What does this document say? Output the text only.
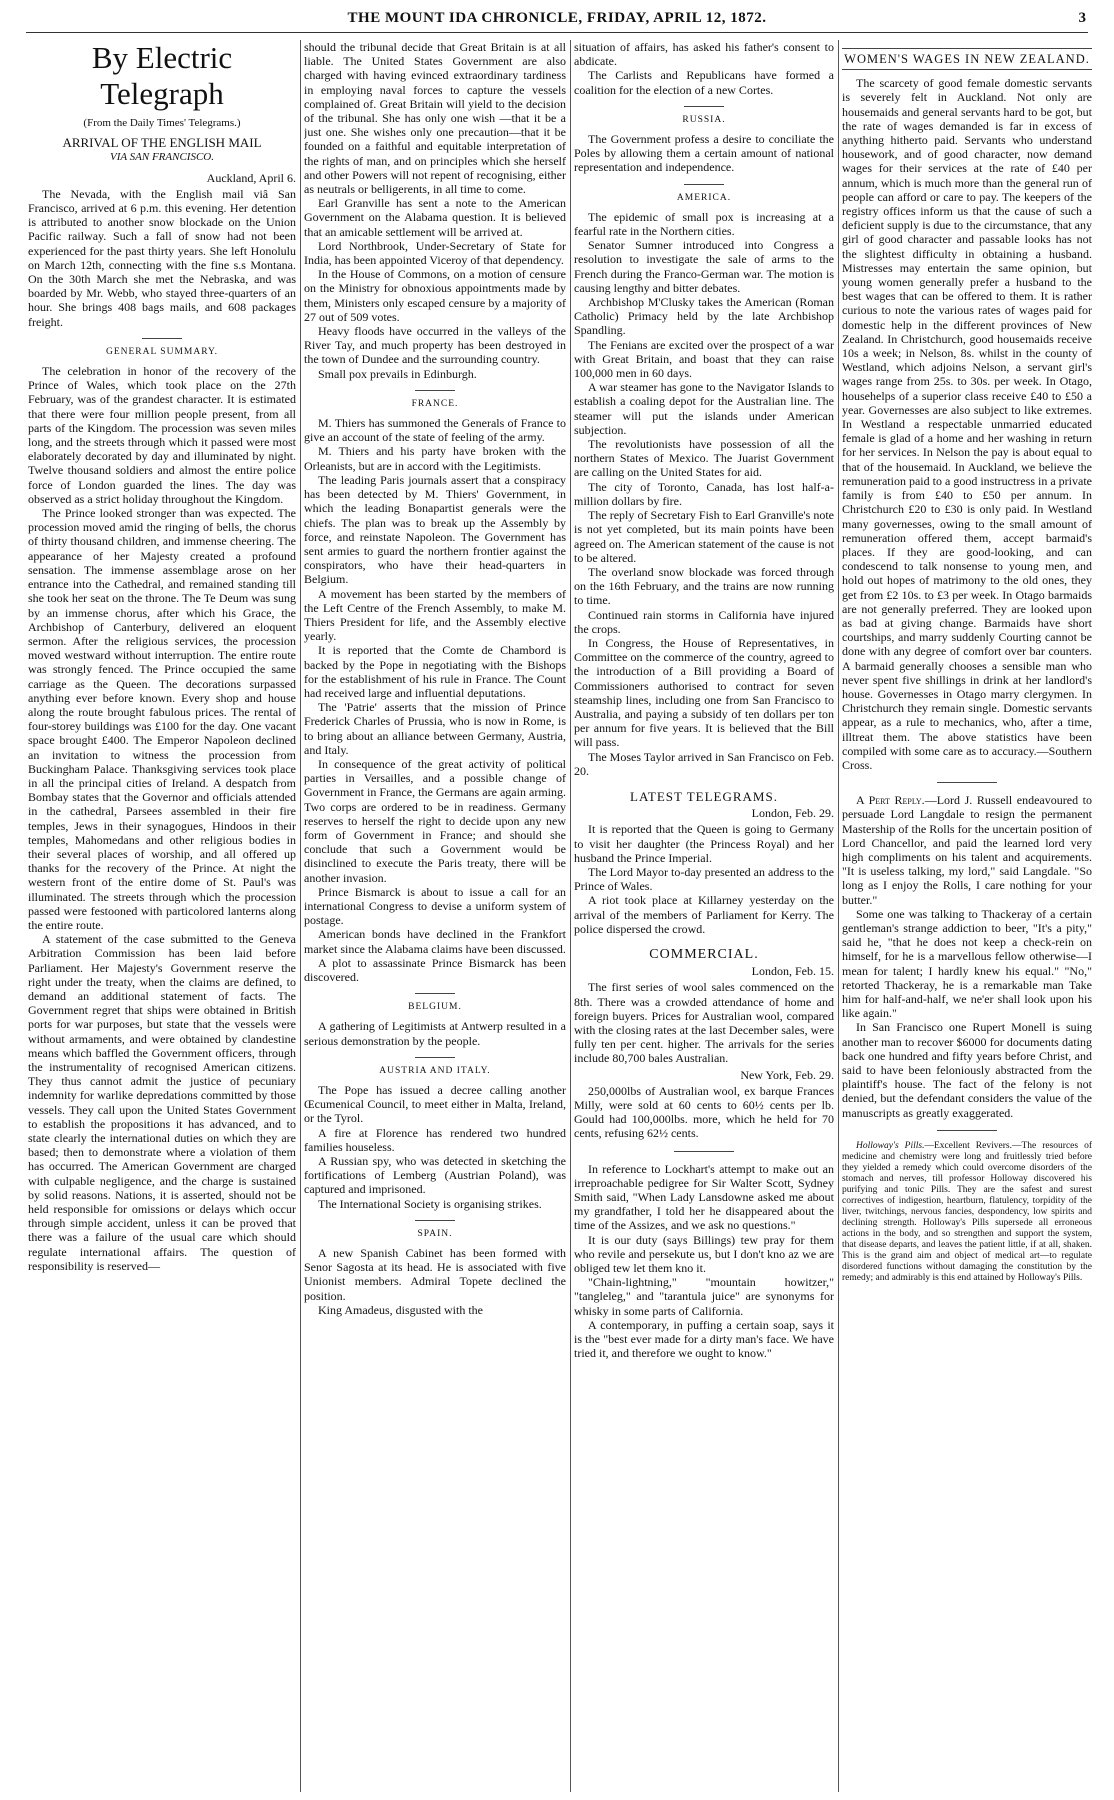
THE MOUNT IDA CHRONICLE, FRIDAY, APRIL 12, 1872.	3
By Electric Telegraph
(From the Daily Times' Telegrams.)
ARRIVAL OF THE ENGLISH MAIL
VIA SAN FRANCISCO.
Auckland, April 6.

The Nevada, with the English mail viâ San Francisco, arrived at 6 p.m. this evening. Her detention is attributed to another snow blockade on the Union Pacific railway. Such a fall of snow had not been experienced for the past thirty years. She left Honolulu on March 12th, connecting with the fine s.s Montana. On the 30th March she met the Nebraska, and was boarded by Mr. Webb, who stayed three-quarters of an hour. She brings 408 bags mails, and 608 packages freight.

GENERAL SUMMARY.

The celebration in honor of the recovery of the Prince of Wales, which took place on the 27th February, was of the grandest character. It is estimated that there were four million people present, from all parts of the Kingdom. The procession was seven miles long, and the streets through which it passed were most elaborately decorated by day and illuminated by night. Twelve thousand soldiers and almost the entire police force of London guarded the lines. The day was observed as a strict holiday throughout the Kingdom.

The Prince looked stronger than was expected. The procession moved amid the ringing of bells, the chorus of thirty thousand children, and immense cheering. The appearance of her Majesty created a profound sensation. The immense assemblage arose on her entrance into the Cathedral, and remained standing till she took her seat on the throne. The Te Deum was sung by an immense chorus, after which his Grace, the Archbishop of Canterbury, delivered an eloquent sermon. After the religious services, the procession moved westward without interruption. The entire route was strongly fenced. The Prince occupied the same carriage as the Queen. The decorations surpassed anything ever before known. Every shop and house along the route brought fabulous prices. The rental of four-storey buildings was £100 for the day. One vacant space brought £400. The Emperor Napoleon declined an invitation to witness the procession from Buckingham Palace. Thanksgiving services took place in all the principal cities of Ireland. A despatch from Bombay states that the Governor and officials attended in the cathedral, Parsees assembled in their fire temples, Jews in their synagogues, Hindoos in their temples, Mahomedans and other religious bodies in their several places of worship, and all offered up thanks for the recovery of the Prince. At night the western front of the entire dome of St. Paul's was illuminated. The streets through which the procession passed were festooned with particolored lanterns along the entire route.

A statement of the case submitted to the Geneva Arbitration Commission has been laid before Parliament. Her Majesty's Government reserve the right under the treaty, when the claims are defined, to demand an additional statement of facts. The Government regret that ships were obtained in British ports for war purposes, but state that the vessels were without armaments, and were obtained by clandestine means which baffled the Government officers, through the instrumentality of recognised American citizens. They thus cannot admit the justice of pecuniary indemnity for warlike depredations committed by those vessels. They call upon the United States Government to establish the propositions it has advanced, and to state clearly the international duties on which they are based; then to demonstrate where a violation of them has occurred. The American Government are charged with culpable negligence, and the charge is sustained by solid reasons. Nations, it is asserted, should not be held responsible for omissions or delays which occur through simple accident, unless it can be proved that there was a failure of the usual care which should regulate international affairs. The question of responsibility is reserved—

should the tribunal decide that Great Britain is at all liable. The United States Government are also charged with having evinced extraordinary tardiness in employing naval forces to capture the vessels complained of. Great Britain will yield to the decision of the tribunal. She has only one wish —that it be a just one. She wishes only one precaution—that it be founded on a faithful and equitable interpretation of the rights of man, and on principles which she herself and other Powers will not repent of recognising, either as neutrals or belligerents, in all time to come.

Earl Granville has sent a note to the American Government on the Alabama question. It is believed that an amicable settlement will be arrived at.

Lord Northbrook, Under-Secretary of State for India, has been appointed Viceroy of that dependency.

In the House of Commons, on a motion of censure on the Ministry for obnoxious appointments made by them, Ministers only escaped censure by a majority of 27 out of 509 votes.

Heavy floods have occurred in the valleys of the River Tay, and much property has been destroyed in the town of Dundee and the surrounding country.

Small pox prevails in Edinburgh.

FRANCE.

M. Thiers has summoned the Generals of France to give an account of the state of feeling of the army.

M. Thiers and his party have broken with the Orleanists, but are in accord with the Legitimists.

The leading Paris journals assert that a conspiracy has been detected by M. Thiers' Government, in which the leading Bonapartist generals were the chiefs. The plan was to break up the Assembly by force, and reinstate Napoleon. The Government has sent armies to guard the northern frontier against the conspirators, who have their head-quarters in Belgium.

A movement has been started by the members of the Left Centre of the French Assembly, to make M. Thiers President for life, and the Assembly elective yearly.

It is reported that the Comte de Chambord is backed by the Pope in negotiating with the Bishops for the establishment of his rule in France. The Count had received large and influential deputations.

The 'Patrie' asserts that the mission of Prince Frederick Charles of Prussia, who is now in Rome, is to bring about an alliance between Germany, Austria, and Italy.

In consequence of the great activity of political parties in Versailles, and a possible change of Government in France, the Germans are again arming. Two corps are ordered to be in readiness. Germany reserves to herself the right to decide upon any new form of Government in France; and should she conclude that such a Government would be disinclined to execute the Paris treaty, there will be another invasion.

Prince Bismarck is about to issue a call for an international Congress to devise a uniform system of postage.

American bonds have declined in the Frankfort market since the Alabama claims have been discussed.

A plot to assassinate Prince Bismarck has been discovered.

BELGIUM.

A gathering of Legitimists at Antwerp resulted in a serious demonstration by the people.

AUSTRIA AND ITALY.

The Pope has issued a decree calling another Œcumenical Council, to meet either in Malta, Ireland, or the Tyrol.

A fire at Florence has rendered two hundred families houseless.

A Russian spy, who was detected in sketching the fortifications of Lemberg (Austrian Poland), was captured and imprisoned.

The International Society is organising strikes.

SPAIN.

A new Spanish Cabinet has been formed with Senor Sagosta at its head. He is associated with five Unionist members. Admiral Topete declined the position.

King Amadeus, disgusted with the

situation of affairs, has asked his father's consent to abdicate.

The Carlists and Republicans have formed a coalition for the election of a new Cortes.

RUSSIA.

The Government profess a desire to conciliate the Poles by allowing them a certain amount of national representation and independence.

AMERICA.

The epidemic of small pox is increasing at a fearful rate in the Northern cities.

Senator Sumner introduced into Congress a resolution to investigate the sale of arms to the French during the Franco-German war. The motion is causing lengthy and bitter debates.

Archbishop M'Clusky takes the American (Roman Catholic) Primacy held by the late Archbishop Spandling.

The Fenians are excited over the prospect of a war with Great Britain, and boast that they can raise 100,000 men in 60 days.

A war steamer has gone to the Navigator Islands to establish a coaling depot for the Australian line. The steamer will put the islands under American subjection.

The revolutionists have possession of all the northern States of Mexico. The Juarist Government are calling on the United States for aid.

The city of Toronto, Canada, has lost half-a-million dollars by fire.

The reply of Secretary Fish to Earl Granville's note is not yet completed, but its main points have been agreed on. The American statement of the cause is not to be altered.

The overland snow blockade was forced through on the 16th February, and the trains are now running to time.

Continued rain storms in California have injured the crops.

In Congress, the House of Representatives, in Committee on the commerce of the country, agreed to the introduction of a Bill providing a Board of Commissioners authorised to contract for seven steamship lines, including one from San Francisco to Australia, and paying a subsidy of ten dollars per ton per annum for five years. It is believed that the Bill will pass.

The Moses Taylor arrived in San Francisco on Feb. 20.

LATEST TELEGRAMS.
London, Feb. 29.

It is reported that the Queen is going to Germany to visit her daughter (the Princess Royal) and her husband the Prince Imperial.

The Lord Mayor to-day presented an address to the Prince of Wales.

A riot took place at Killarney yesterday on the arrival of the members of Parliament for Kerry. The police dispersed the crowd.

COMMERCIAL.
London, Feb. 15.

The first series of wool sales commenced on the 8th. There was a crowded attendance of home and foreign buyers. Prices for Australian wool, compared with the closing rates at the last December sales, were fully ten per cent. higher. The arrivals for the series include 80,700 bales Australian.

New York, Feb. 29.

250,000lbs of Australian wool, ex barque Frances Milly, were sold at 60 cents to 60½ cents per lb. Gould had 100,000lbs. more, which he held for 70 cents, refusing 62½ cents.

In reference to Lockhart's attempt to make out an irreproachable pedigree for Sir Walter Scott, Sydney Smith said, "When Lady Lansdowne asked me about my grandfather, I told her he disappeared about the time of the Assizes, and we ask no questions."

It is our duty (says Billings) tew pray for them who revile and persekute us, but I don't kno az we are obliged tew let them kno it.

"Chain-lightning," "mountain howitzer," "tangleleg," and "tarantula juice" are synonyms for whisky in some parts of California.

A contemporary, in puffing a certain soap, says it is the "best ever made for a dirty man's face. We have tried it, and therefore we ought to know."

WOMEN'S WAGES IN NEW ZEALAND.

The scarcety of good female domestic servants is severely felt in Auckland. Not only are housemaids and general servants hard to be got, but the rate of wages demanded is far in excess of anything hitherto paid. Servants who understand housework, and of good character, now demand wages for their services at the rate of £40 per annum, which is much more than the general run of people can afford or care to pay. The keepers of the registry offices inform us that the cause of such a deficient supply is due to the circumstance, that any girl of good character and passable looks has not the slightest difficulty in obtaining a husband. Mistresses may entertain the same opinion, but young women generally prefer a husband to the best wages that can be offered to them. It is rather curious to note the various rates of wages paid for domestic help in the different provinces of New Zealand. In Christchurch, good housemaids receive 10s a week; in Nelson, 8s. whilst in the county of Westland, which adjoins Nelson, a servant girl's wages range from 25s. to 30s. per week. In Otago, househelps of a superior class receive £40 to £50 a year. Governesses are also subject to like extremes. In Westland a respectable unmarried educated female is glad of a home and her washing in return for her services. In Nelson the pay is about equal to that of the housemaid. In Auckland, we believe the remuneration paid to a good instructress in a private family is from £40 to £50 per annum. In Christchurch £20 to £30 is only paid. In Westland many governesses, owing to the small amount of remuneration offered them, accept barmaid's places. If they are good-looking, and can condescend to talk nonsense to young men, and hold out hopes of matrimony to the old ones, they get from £2 10s. to £3 per week. In Otago barmaids are not generally preferred. They are looked upon as bad at giving change. Barmaids have short courtships, and marry suddenly Courting cannot be done with any degree of comfort over bar counters. A barmaid generally chooses a sensible man who never spent five shillings in drink at her landlord's house. Governesses in Otago marry clergymen. In Christchurch they remain single. Domestic servants appear, as a rule to mechanics, who, after a time, illtreat them. The above statistics have been compiled with some care as to accuracy.—Southern Cross.

A Pert Reply.—Lord J. Russell endeavoured to persuade Lord Langdale to resign the permanent Mastership of the Rolls for the uncertain position of Lord Chancellor, and paid the learned lord very high compliments on his talent and acquirements. "It is useless talking, my lord," said Langdale. "So long as I enjoy the Rolls, I care nothing for your butter."

Some one was talking to Thackeray of a certain gentleman's strange addiction to beer, "It's a pity," said he, "that he does not keep a check-rein on himself, for he is a marvellous fellow otherwise—I mean for talent; I hardly knew his equal." "No," retorted Thackeray, he is a remarkable man Take him for half-and-half, we ne'er shall look upon his like again."

In San Francisco one Rupert Monell is suing another man to recover $6000 for documents dating back one hundred and fifty years before Christ, and said to have been feloniously abstracted from the plaintiff's house. The fact of the felony is not denied, but the defendant considers the value of the manuscripts as greatly exaggerated.

Holloway's Pills.—Excellent Revivers.—The resources of medicine and chemistry were long and fruitlessly tried before they yielded a remedy which could overcome disorders of the stomach and nerves, till professor Holloway discovered his purifying and tonic Pills. They are the safest and surest correctives of indigestion, heartburn, flatulency, torpidity of the liver, twitchings, nervous fancies, despondency, low spirits and declining strength. Holloway's Pills supersede all erroneous actions in the body, and so strengthen and support the system, that disease departs, and leaves the patient little, if at all, shaken. This is the grand aim and object of medical art—to regulate disordered functions without damaging the constitution by the remedy; and admirably is this end attained by Holloway's Pills.
